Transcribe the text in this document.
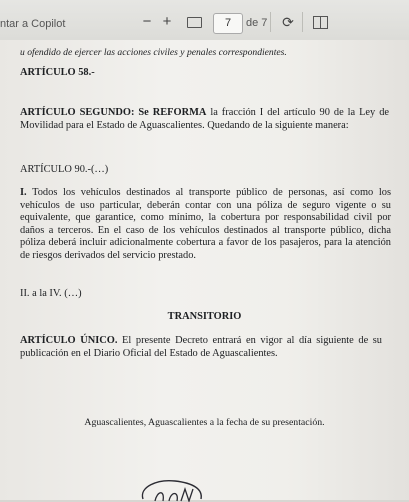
ntar a Copilot	− +	7	de 7 ⟳

u ofendido de ejercer las acciones civiles y penales correspondientes.

ARTÍCULO 58.-

ARTÍCULO SEGUNDO: Se REFORMA la fracción I del artículo 90 de la Ley de Movilidad para el Estado de Aguascalientes. Quedando de la siguiente manera:

ARTÍCULO 90.-(…)

I. Todos los vehículos destinados al transporte público de personas, así como los vehículos de uso particular, deberán contar con una póliza de seguro vigente o su equivalente, que garantice, como mínimo, la cobertura por responsabilidad civil por daños a terceros. En el caso de los vehículos destinados al transporte público, dicha póliza deberá incluir adicionalmente cobertura a favor de los pasajeros, para la atención de riesgos derivados del servicio prestado.

II. a la IV. (…)

TRANSITORIO

ARTÍCULO ÚNICO. El presente Decreto entrará en vigor al día siguiente de su publicación en el Diario Oficial del Estado de Aguascalientes.

Aguascalientes, Aguascalientes a la fecha de su presentación.
